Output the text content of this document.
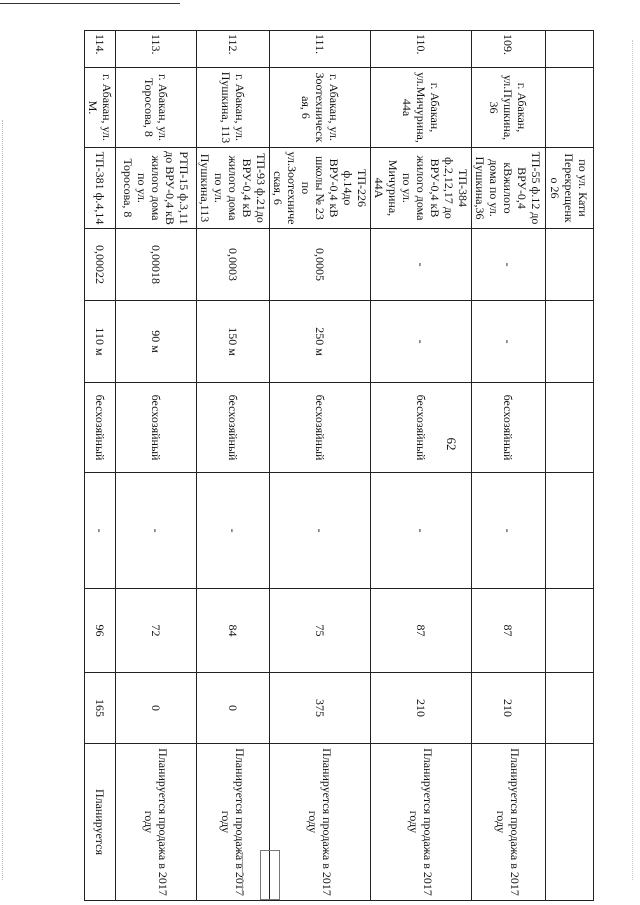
62
		по ул. Кати Перекрещенко 26							
109.	г. Абакан, ул.Пушкина, 36	ТП-55 ф.12 до ВРУ-0,4 кВжилого дома по ул. Пушкина,36	-	-	бесхозяйный	-	87	210	Планируется продажа в 2017 году
110.	г. Абакан, ул.Мичурина, 44а	ТП-384 ф.2,12,17 до ВРУ-0,4 кВ жилого дома по ул. Мичурина, 44А	-	-	бесхозяйный	-	87	210	Планируется продажа в 2017 году
111.	г. Абакан, ул. Зоотехническая, 6	ТП-226 ф.14до ВРУ-0,4 кВ школы № 23 по ул.Зоотехническая, 6	0,0005	250 м	бесхозяйный	-	75	375	Планируется продажа в 2017 году
112.	г. Абакан, ул. Пушкина, 113	ТП-93 ф.21до ВРУ-0,4 кВ жилого дома по ул. Пушкина,113	0,0003	150 м	бесхозяйный	-	84	0	Планируется продажа в 2017 году
113.	г. Абакан, ул. Торосова, 8	РТП-15 ф.3,11 до ВРУ-0,4 кВ жилого дома по ул. Торосова, 8	0,00018	90 м	бесхозяйный	-	72	0	Планируется продажа в 2017 году
114.	г. Абакан, ул. М.	ТП-381 ф.4,14	0,00022	110 м	бесхозяйный	-	96	165	Планируется
